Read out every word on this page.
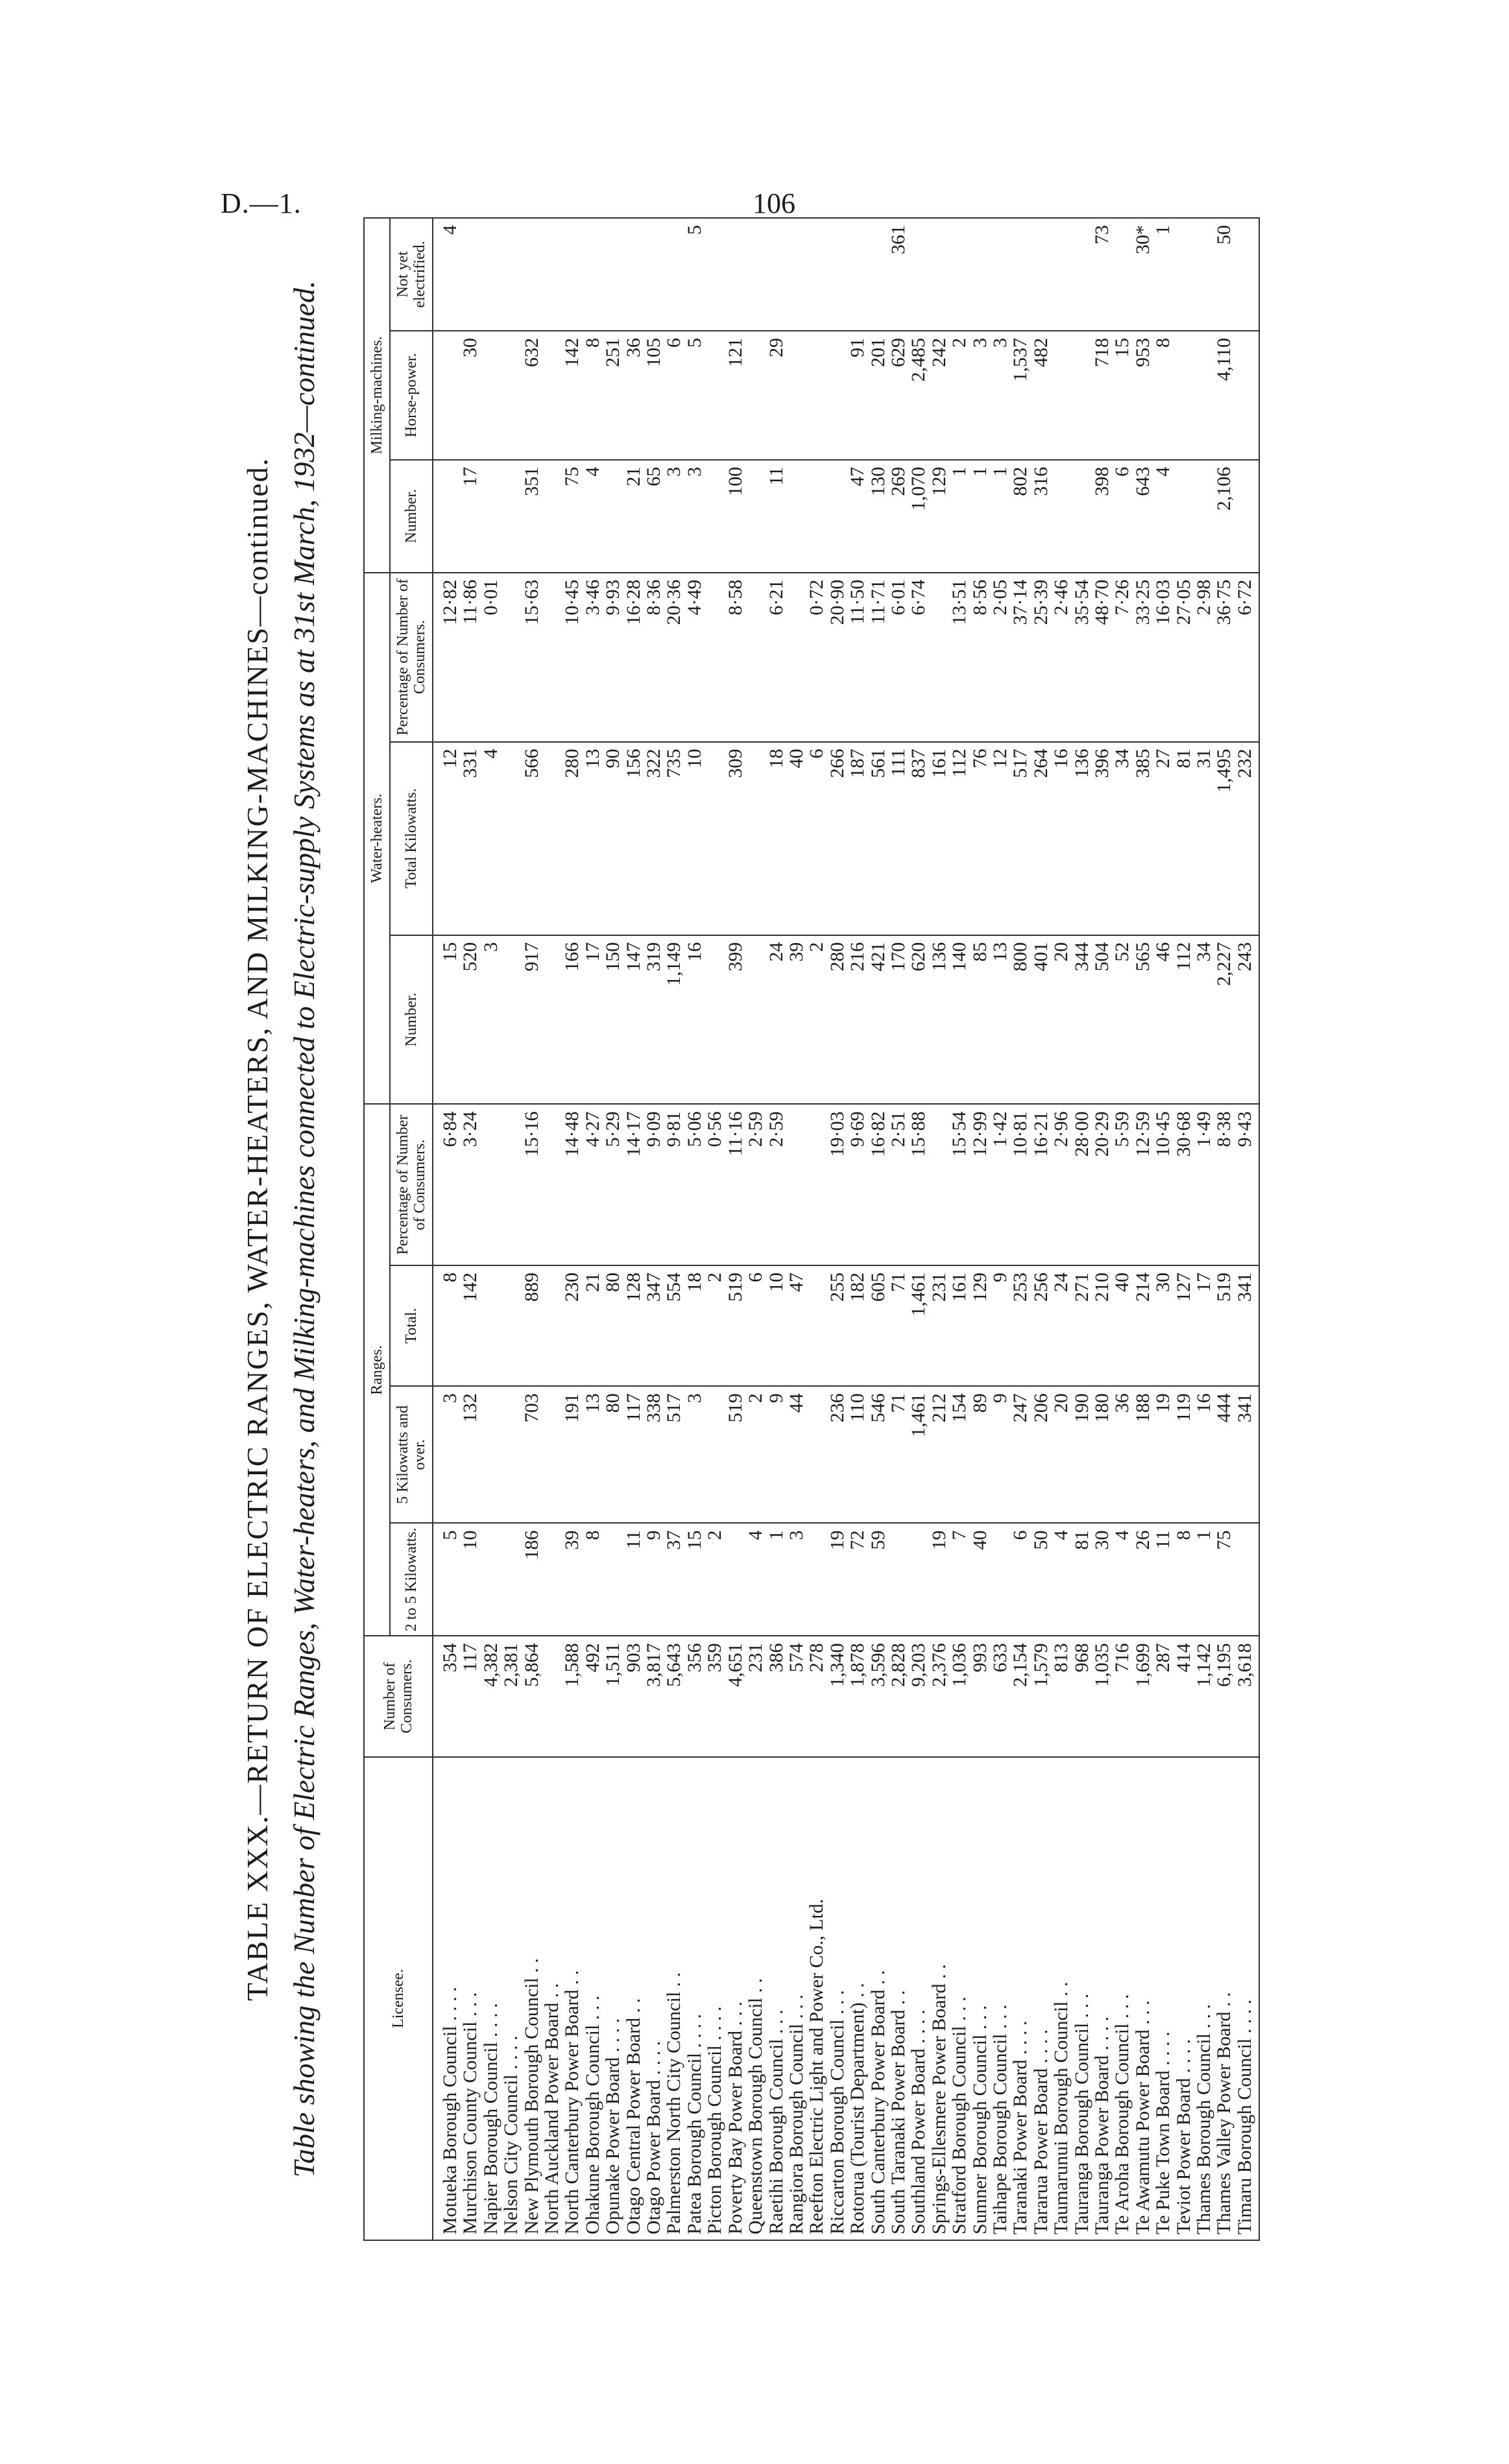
D.—1.	106
TABLE XXX.—RETURN OF ELECTRIC RANGES, WATER-HEATERS, AND MILKING-MACHINES—continued. Table showing the Number of Electric Ranges, Water-heaters, and Milking-machines connected to Electric-supply Systems as at 31st March, 1932—continued.	Licensee.	Number of Consumers.	Ranges.				Water-heaters.			Milking-machines.		
		2 to 5 Kilowatts.	5 Kilowatts and over.	Total.	Percentage of Number of Consumers.	Number.	Total Kilowatts.	Percentage of Number of Consumers.	Number.	Horse-power.	Not yet electrified.
Motueka Borough Council . . . .	354	5	3	8	6·84	15	12	12·82			4
Murchison County Council . . .	117	10	132	142	3·24	520	331	11·86	17	30	
Napier Borough Council . . . .	4,382					3	4	0·01			
Nelson City Council . . . .	2,381										
New Plymouth Borough Council . .	5,864	186	703	889	15·16	917	566	15·63	351	632	
North Auckland Power Board . .											
North Canterbury Power Board . .	1,588	39	191	230	14·48	166	280	10·45	75	142	
Ohakune Borough Council . . .	492	8	13	21	4·27	17	13	3·46	4	8	
Opunake Power Board . . . .	1,511		80	80	5·29	150	90	9·93		251	
Otago Central Power Board . .	903	11	117	128	14·17	147	156	16·28	21	36	
Otago Power Board . . . .	3,817	9	338	347	9·09	319	322	8·36	65	105	
Palmerston North City Council . .	5,643	37	517	554	9·81	1,149	735	20·36	3	6	
Patea Borough Council . . . .	356	15	3	18	5·06	16	10	4·49	3	5	5
Picton Borough Council . . . .	359	2		2	0·56						
Poverty Bay Power Board . . .	4,651		519	519	11·16	399	309	8·58	100	121	
Queenstown Borough Council . .	231	4	2	6	2·59						
Raetihi Borough Council . . .	386	1	9	10	2·59	24	18	6·21	11	29	
Rangiora Borough Council . . .	574	3	44	47		39	40				
Reefton Electric Light and Power Co., Ltd.	278					2	6	0·72			
Riccarton Borough Council . . .	1,340	19	236	255	19·03	280	266	20·90			
Rotorua (Tourist Department) . .	1,878	72	110	182	9·69	216	187	11·50	47	91	
South Canterbury Power Board . .	3,596	59	546	605	16·82	421	561	11·71	130	201	
South Taranaki Power Board . .	2,828		71	71	2·51	170	111	6·01	269	629	361
Southland Power Board . . . .	9,203		1,461	1,461	15·88	620	837	6·74	1,070	2,485	
Springs-Ellesmere Power Board . .	2,376	19	212	231		136	161		129	242	
Stratford Borough Council . . .	1,036	7	154	161	15·54	140	112	13·51	1	2	
Sumner Borough Council . . .	993	40	89	129	12·99	85	76	8·56	1	3	
Taihape Borough Council . . .	633		9	9	1·42	13	12	2·05	1	3	
Taranaki Power Board . . . .	2,154	6	247	253	10·81	800	517	37·14	802	1,537	
Tararua Power Board . . . .	1,579	50	206	256	16·21	401	264	25·39	316	482	
Taumarunui Borough Council . .	813	4	20	24	2·96	20	16	2·46			
Tauranga Borough Council . . .	968	81	190	271	28·00	344	136	35·54			
Tauranga Power Board . . . .	1,035	30	180	210	20·29	504	396	48·70	398	718	73
Te Aroha Borough Council . . .	716	4	36	40	5·59	52	34	7·26	6	15	
Te Awamutu Power Board . . .	1,699	26	188	214	12·59	565	385	33·25	643	953	30*
Te Puke Town Board . . . .	287	11	19	30	10·45	46	27	16·03	4	8	1
Teviot Power Board . . . .	414	8	119	127	30·68	112	81	27·05			
Thames Borough Council . . .	1,142	1	16	17	1·49	34	31	2·98			
Thames Valley Power Board . .	6,195	75	444	519	8·38	2,227	1,495	36·75	2,106	4,110	50
Timaru Borough Council . . . .	3,618		341	341	9·43	243	232	6·72			
